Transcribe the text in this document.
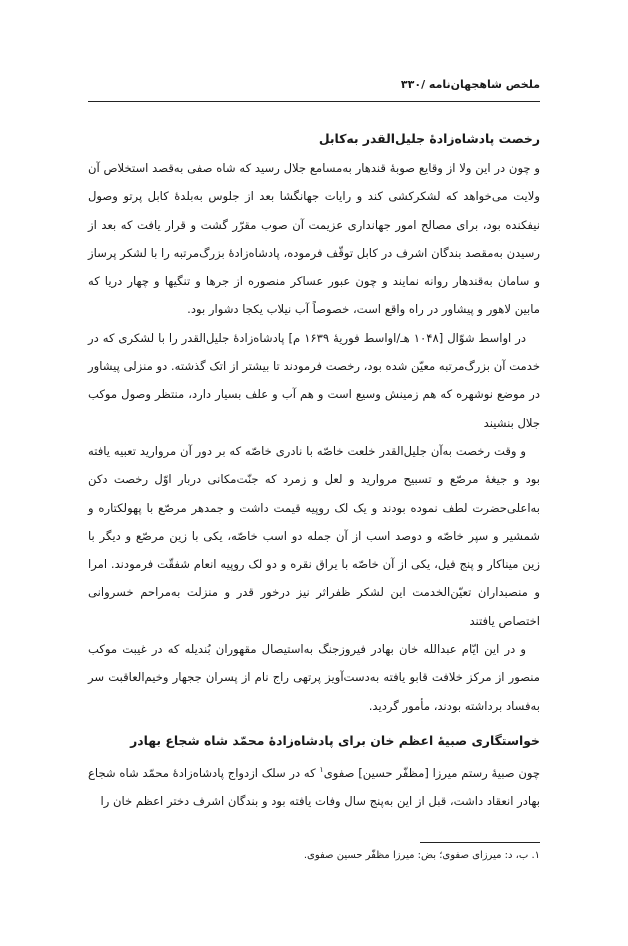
ملخص شاهجهان‌نامه /۳۳۰

رخصت پادشاه‌زادهٔ جلیل‌القدر به‌کابل

و چون در این ولا از وقایع صوبهٔ قندهار به‌مسامع جلال رسید که شاه صفی به‌قصد استخلاص آن ولایت می‌خواهد که لشکرکشی کند و رایات جهانگشا بعد از جلوس به‌بلدهٔ کابل پرتو وصول نیفکنده بود، برای مصالح امور جهانداری عزیمت آن صوب مقرّر گشت و قرار یافت که بعد از رسیدن به‌مقصد بندگان اشرف در کابل توقّف فرموده، پادشاه‌زادهٔ بزرگ‌مرتبه را با لشکر پرساز و سامان به‌قندهار روانه نمایند و چون عبور عساکر منصوره از جرها و تنگیها و چهار دریا که مابین لاهور و پیشاور در راه واقع است، خصوصاً آب نیلاب یکجا دشوار بود.

در اواسط شوّال [۱۰۴۸ هـ/اواسط فوریهٔ ۱۶۳۹ م] پادشاه‌زادهٔ جلیل‌القدر را با لشکری که در خدمت آن بزرگ‌مرتبه معیّن شده بود، رخصت فرمودند تا بیشتر از اتک گذشته. دو منزلی پیشاور در موضع نوشهره که هم زمینش وسیع است و هم آب و علف بسیار دارد، منتظر وصول موکب جلال بنشیند

و وقت رخصت به‌آن جلیل‌القدر خلعت خاصّه با نادری خاصّه که بر دور آن مروارید تعبیه یافته بود و جیغهٔ مرصّع و تسبیح مروارید و لعل و زمرد که جنّت‌مکانی دربار اوّل رخصت دکن به‌اعلی‌حضرت لطف نموده بودند و یک لک روپیه قیمت داشت و جمدهر مرصّع با پهولکتاره و شمشیر و سپر خاصّه و دوصد اسب از آن جمله دو اسب خاصّه، یکی با زین مرصّع و دیگر با زین میناکار و پنج فیل، یکی از آن خاصّه با یراق نقره و دو لک روپیه انعام شفقّت فرمودند. امرا و منصبداران تعیّن‌الخدمت این لشکر ظفراثر نیز درخور قدر و منزلت به‌مراحم خسروانی اختصاص یافتند

و در این ایّام عبدالله خان بهادر فیروزجنگ به‌استیصال مقهوران بُندیله که در غیبت موکب منصور از مرکز خلافت قابو یافته به‌دست‌آویز پرتهی راج نام از پسران ججهار وخیم‌العاقبت سر به‌فساد برداشته بودند، مأمور گردید.

خواستگاری صبیهٔ اعظم خان برای پادشاه‌زادهٔ محمّد شاه شجاع بهادر

چون صبیهٔ رستم میرزا [مظفّر حسین] صفوی$^۱$ که در سلک ازدواج پادشاه‌زادهٔ محمّد شاه شجاع بهادر انعقاد داشت، قبل از این به‌پنج سال وفات یافته بود و بندگان اشرف دختر اعظم خان را

۱. ب، د: میرزای صفوی؛ بض: میرزا مظفّر حسین صفوی.
